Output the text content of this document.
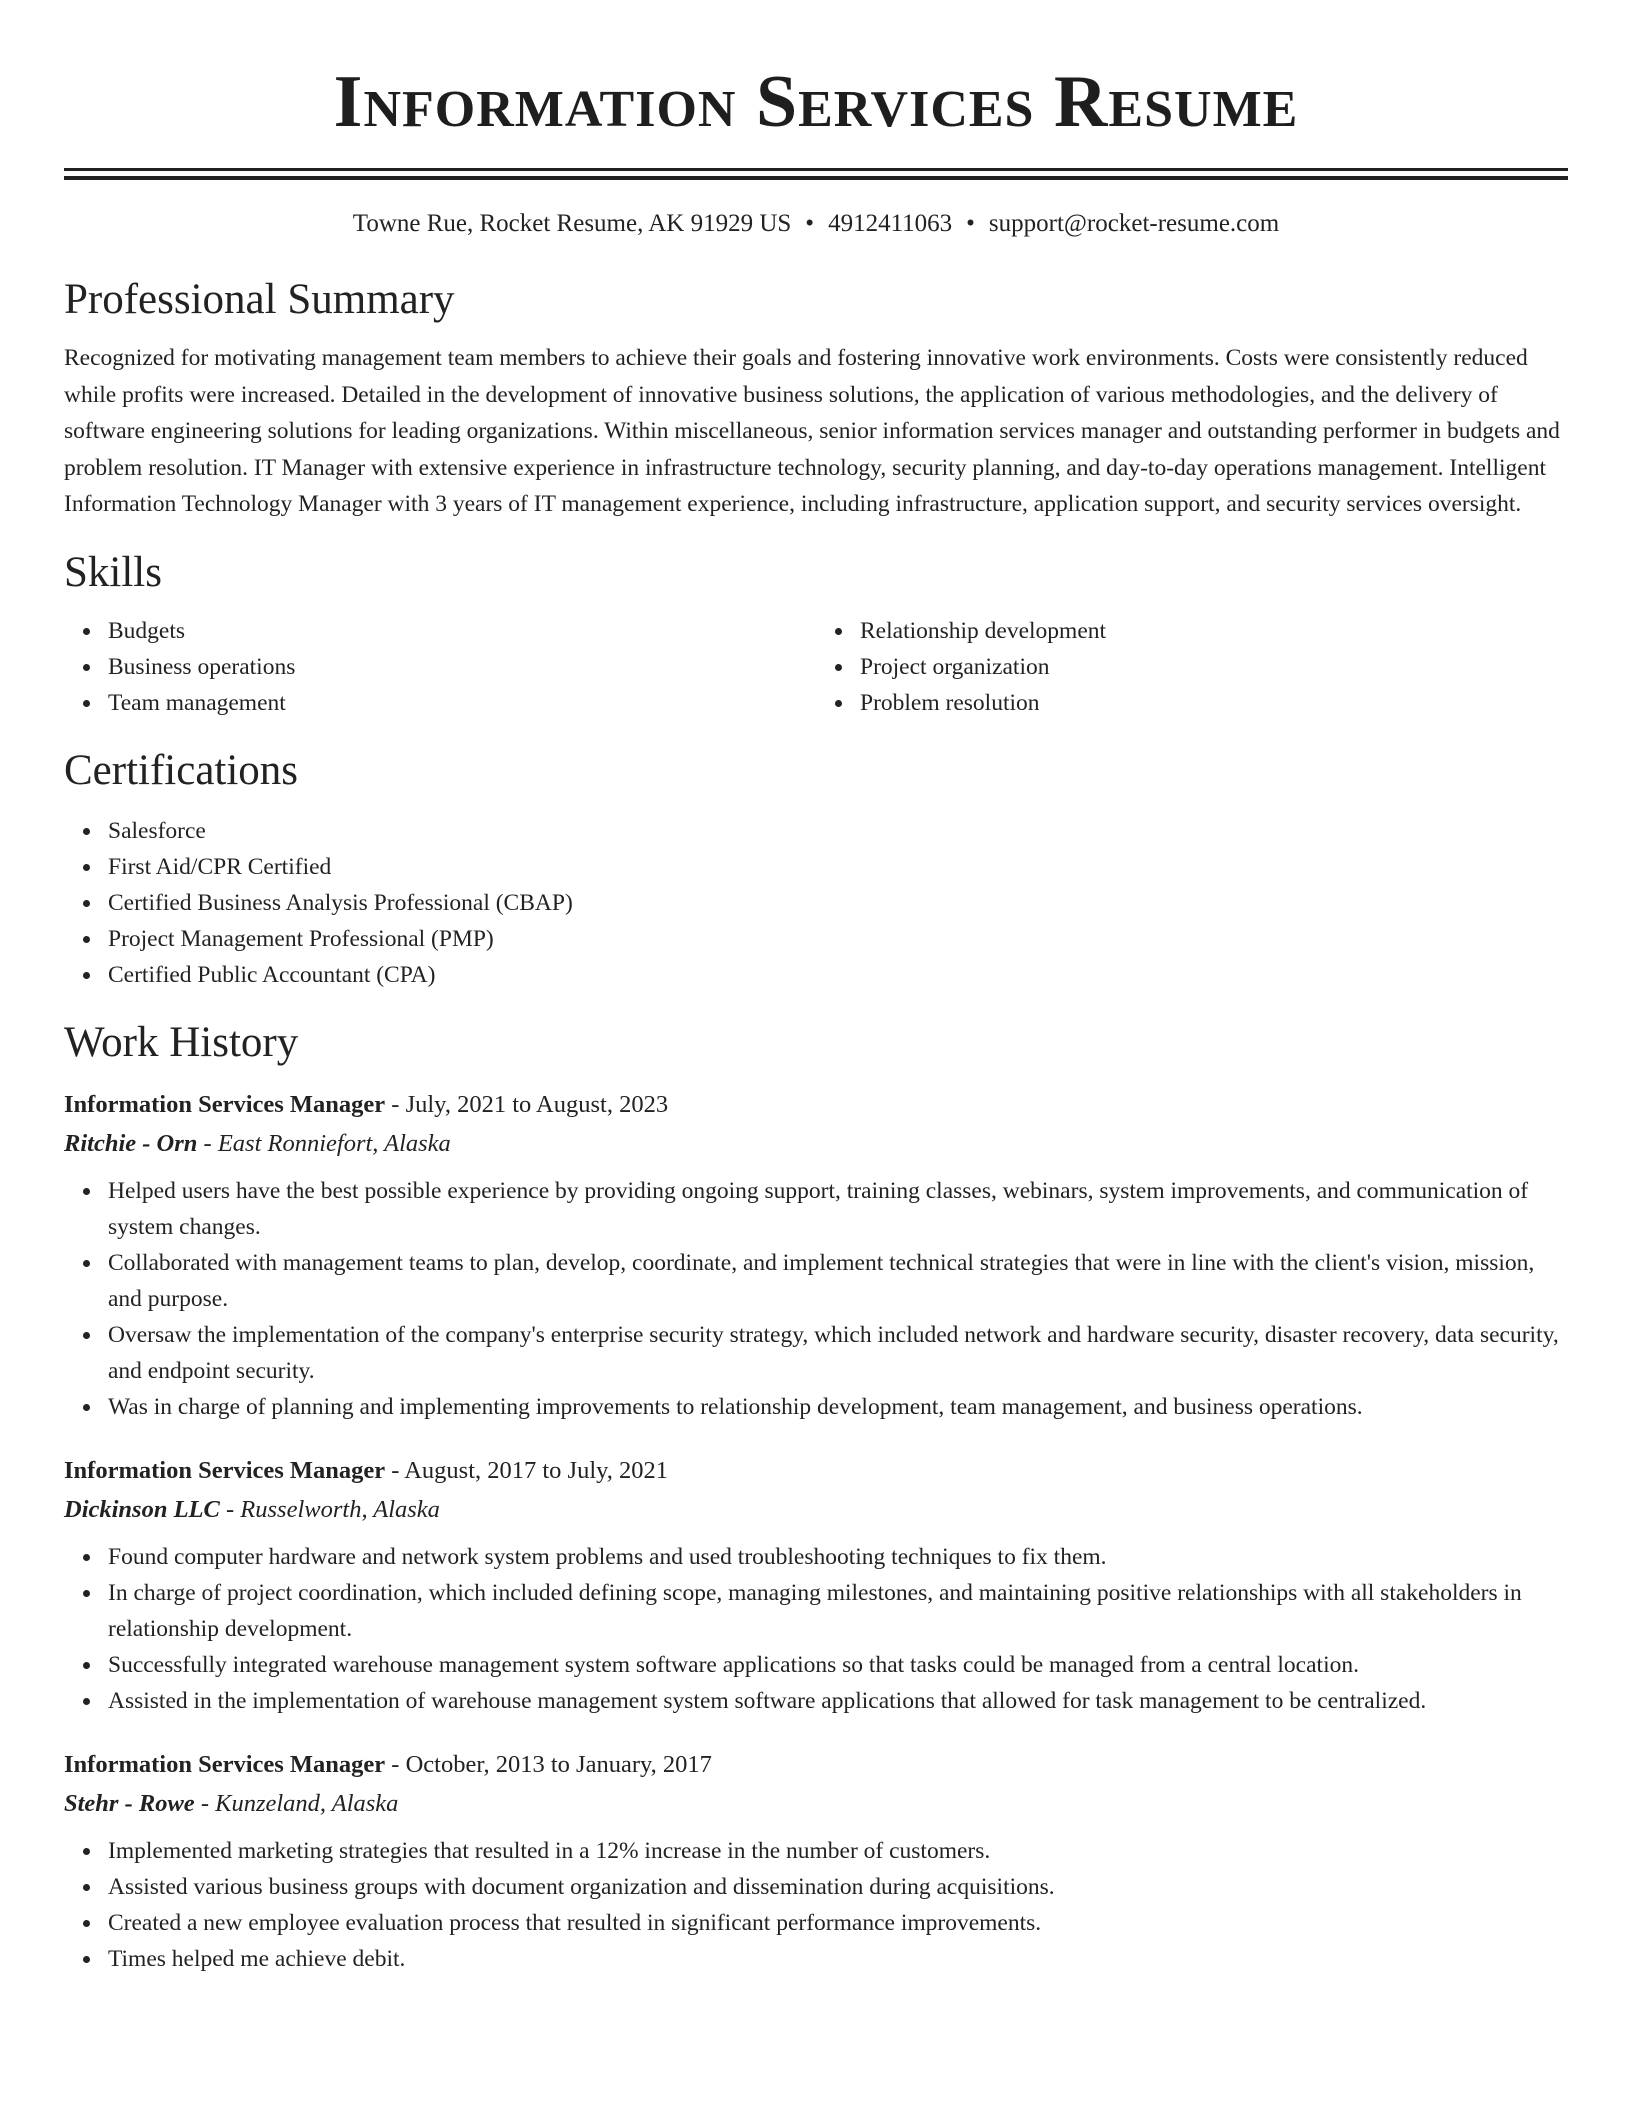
Information Services Resume
Towne Rue, Rocket Resume, AK 91929 US • 4912411063 • support@rocket-resume.com
Professional Summary

Recognized for motivating management team members to achieve their goals and fostering innovative work environments. Costs were consistently reduced while profits were increased. Detailed in the development of innovative business solutions, the application of various methodologies, and the delivery of software engineering solutions for leading organizations. Within miscellaneous, senior information services manager and outstanding performer in budgets and problem resolution. IT Manager with extensive experience in infrastructure technology, security planning, and day-to-day operations management. Intelligent Information Technology Manager with 3 years of IT management experience, including infrastructure, application support, and security services oversight.

Skills
Budgets
Business operations
Team management
Relationship development
Project organization
Problem resolution
Certifications
Salesforce
First Aid/CPR Certified
Certified Business Analysis Professional (CBAP)
Project Management Professional (PMP)
Certified Public Accountant (CPA)
Work History
Information Services Manager - July, 2021 to August, 2023
Ritchie - Orn - East Ronniefort, Alaska
Helped users have the best possible experience by providing ongoing support, training classes, webinars, system improvements, and communication of system changes.
Collaborated with management teams to plan, develop, coordinate, and implement technical strategies that were in line with the client's vision, mission, and purpose.
Oversaw the implementation of the company's enterprise security strategy, which included network and hardware security, disaster recovery, data security, and endpoint security.
Was in charge of planning and implementing improvements to relationship development, team management, and business operations.
Information Services Manager - August, 2017 to July, 2021
Dickinson LLC - Russelworth, Alaska
Found computer hardware and network system problems and used troubleshooting techniques to fix them.
In charge of project coordination, which included defining scope, managing milestones, and maintaining positive relationships with all stakeholders in relationship development.
Successfully integrated warehouse management system software applications so that tasks could be managed from a central location.
Assisted in the implementation of warehouse management system software applications that allowed for task management to be centralized.
Information Services Manager - October, 2013 to January, 2017
Stehr - Rowe - Kunzeland, Alaska
Implemented marketing strategies that resulted in a 12% increase in the number of customers.
Assisted various business groups with document organization and dissemination during acquisitions.
Created a new employee evaluation process that resulted in significant performance improvements.
Times helped me achieve debit.
